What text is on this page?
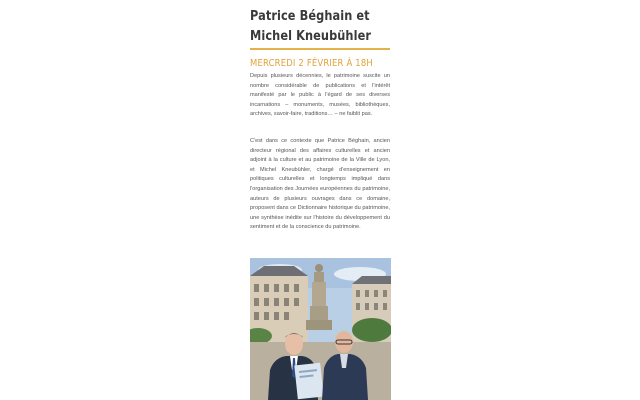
Patrice Béghain et
Michel Kneubühler
MERCREDI 2 FÉVRIER À 18H

Depuis plusieurs décennies, le patrimoine suscite un nombre considérable de publications et l'intérêt manifesté par le public à l'égard de ses diverses incarnations – monuments, musées, bibliothèques, archives, savoir-faire, traditions… – ne faiblit pas.

C'est dans ce contexte que Patrice Béghain, ancien directeur régional des affaires culturelles et ancien adjoint à la culture et au patrimoine de la Ville de Lyon, et Michel Kneubühler, chargé d'enseignement en politiques culturelles et longtemps impliqué dans l'organisation des Journées européennes du patrimoine, auteurs de plusieurs ouvrages dans ce domaine, proposent dans ce Dictionnaire historique du patrimoine, une synthèse inédite sur l'histoire du développement du sentiment et de la conscience du patrimoine.
